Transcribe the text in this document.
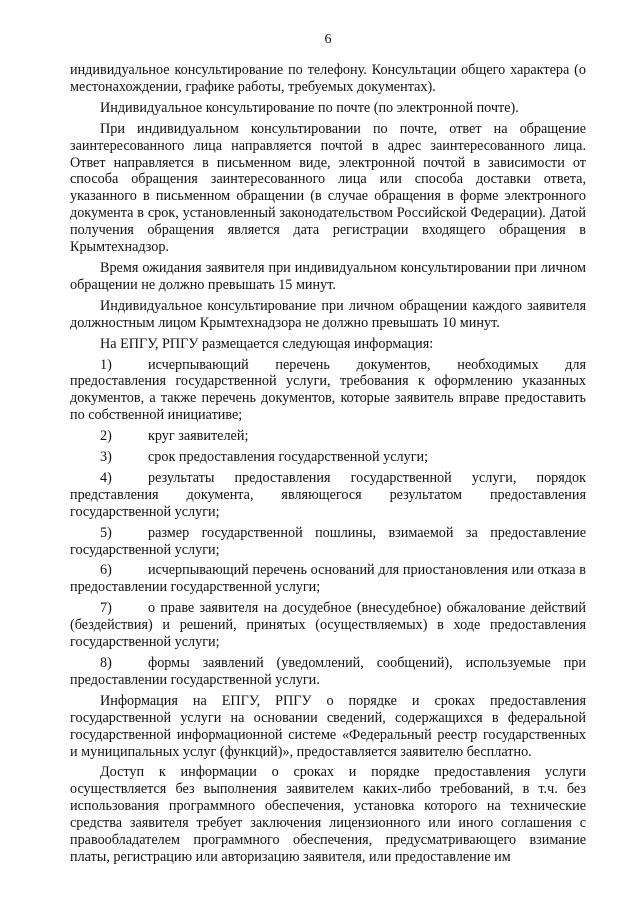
6

индивидуальное консультирование по телефону. Консультации общего характера (о местонахождении, графике работы, требуемых документах).

Индивидуальное консультирование по почте (по электронной почте).

При индивидуальном консультировании по почте, ответ на обращение заинтересованного лица направляется почтой в адрес заинтересованного лица. Ответ направляется в письменном виде, электронной почтой в зависимости от способа обращения заинтересованного лица или способа доставки ответа, указанного в письменном обращении (в случае обращения в форме электронного документа в срок, установленный законодательством Российской Федерации). Датой получения обращения является дата регистрации входящего обращения в Крымтехнадзор.

Время ожидания заявителя при индивидуальном консультировании при личном обращении не должно превышать 15 минут.

Индивидуальное консультирование при личном обращении каждого заявителя должностным лицом Крымтехнадзора не должно превышать 10 минут.

На ЕПГУ, РПГУ размещается следующая информация:

1)	исчерпывающий перечень документов, необходимых для предоставления государственной услуги, требования к оформлению указанных документов, а также перечень документов, которые заявитель вправе предоставить по собственной инициативе;

2)	круг заявителей;

3)	срок предоставления государственной услуги;

4)	результаты предоставления государственной услуги, порядок представления документа, являющегося результатом предоставления государственной услуги;

5)	размер государственной пошлины, взимаемой за предоставление государственной услуги;

6)	исчерпывающий перечень оснований для приостановления или отказа в предоставлении государственной услуги;

7)	о праве заявителя на досудебное (внесудебное) обжалование действий (бездействия) и решений, принятых (осуществляемых) в ходе предоставления государственной услуги;

8)	формы заявлений (уведомлений, сообщений), используемые при предоставлении государственной услуги.

Информация на ЕПГУ, РПГУ о порядке и сроках предоставления государственной услуги на основании сведений, содержащихся в федеральной государственной информационной системе «Федеральный реестр государственных и муниципальных услуг (функций)», предоставляется заявителю бесплатно.

Доступ к информации о сроках и порядке предоставления услуги осуществляется без выполнения заявителем каких-либо требований, в т.ч. без использования программного обеспечения, установка которого на технические средства заявителя требует заключения лицензионного или иного соглашения с правообладателем программного обеспечения, предусматривающего взимание платы, регистрацию или авторизацию заявителя, или предоставление им
